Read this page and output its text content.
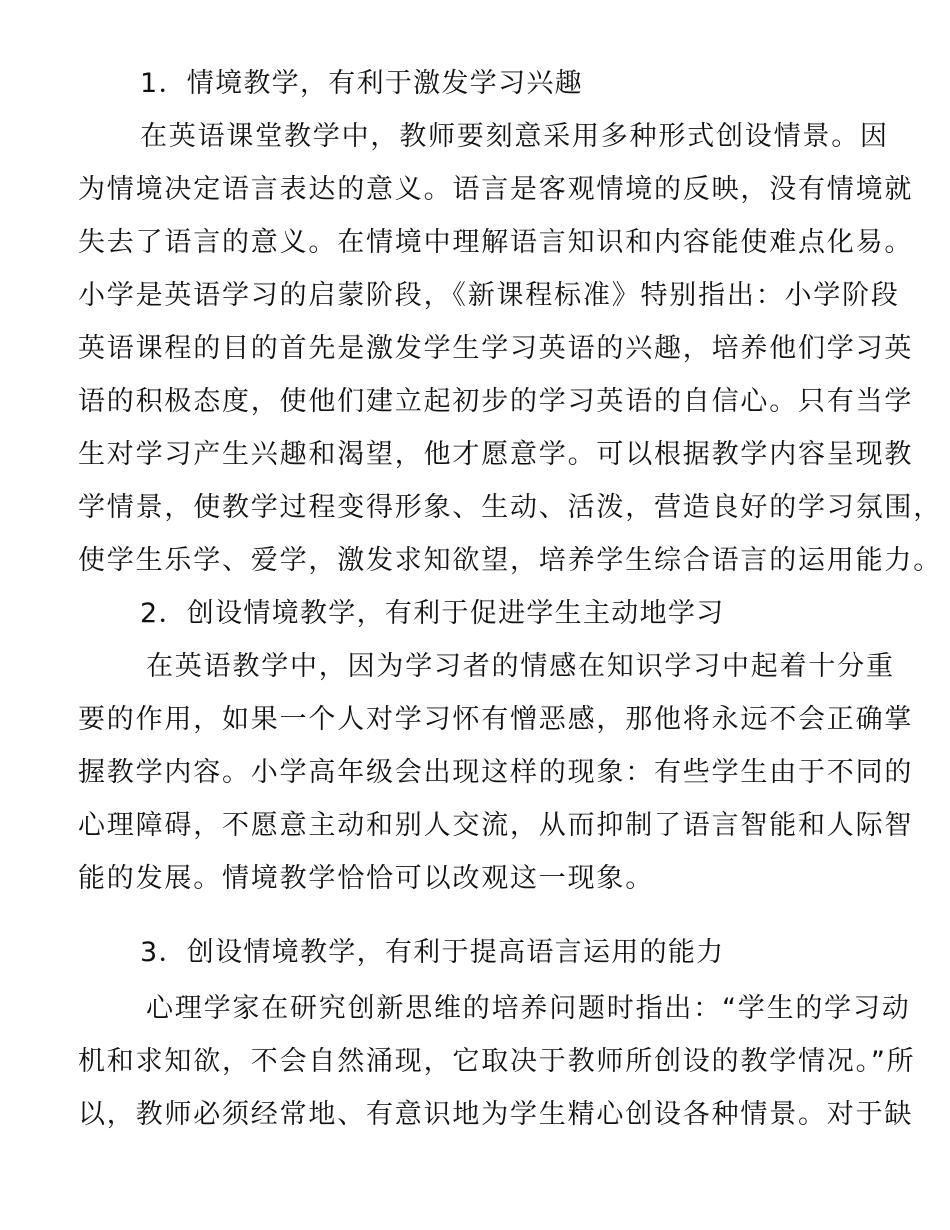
1．情境教学，有利于激发学习兴趣
在英语课堂教学中，教师要刻意采用多种形式创设情景。因
为情境决定语言表达的意义。语言是客观情境的反映，没有情境就
失去了语言的意义。在情境中理解语言知识和内容能使难点化易。
小学是英语学习的启蒙阶段，《新课程标准》特别指出：小学阶段
英语课程的目的首先是激发学生学习英语的兴趣，培养他们学习英
语的积极态度，使他们建立起初步的学习英语的自信心。只有当学
生对学习产生兴趣和渴望，他才愿意学。可以根据教学内容呈现教
学情景，使教学过程变得形象、生动、活泼，营造良好的学习氛围，
使学生乐学、爱学，激发求知欲望，培养学生综合语言的运用能力。
2．创设情境教学，有利于促进学生主动地学习
在英语教学中，因为学习者的情感在知识学习中起着十分重
要的作用，如果一个人对学习怀有憎恶感，那他将永远不会正确掌
握教学内容。小学高年级会出现这样的现象：有些学生由于不同的
心理障碍，不愿意主动和别人交流，从而抑制了语言智能和人际智
能的发展。情境教学恰恰可以改观这一现象。
3．创设情境教学，有利于提高语言运用的能力
心理学家在研究创新思维的培养问题时指出：“学生的学习动
机和求知欲，不会自然涌现，它取决于教师所创设的教学情况。”所
以，教师必须经常地、有意识地为学生精心创设各种情景。对于缺
